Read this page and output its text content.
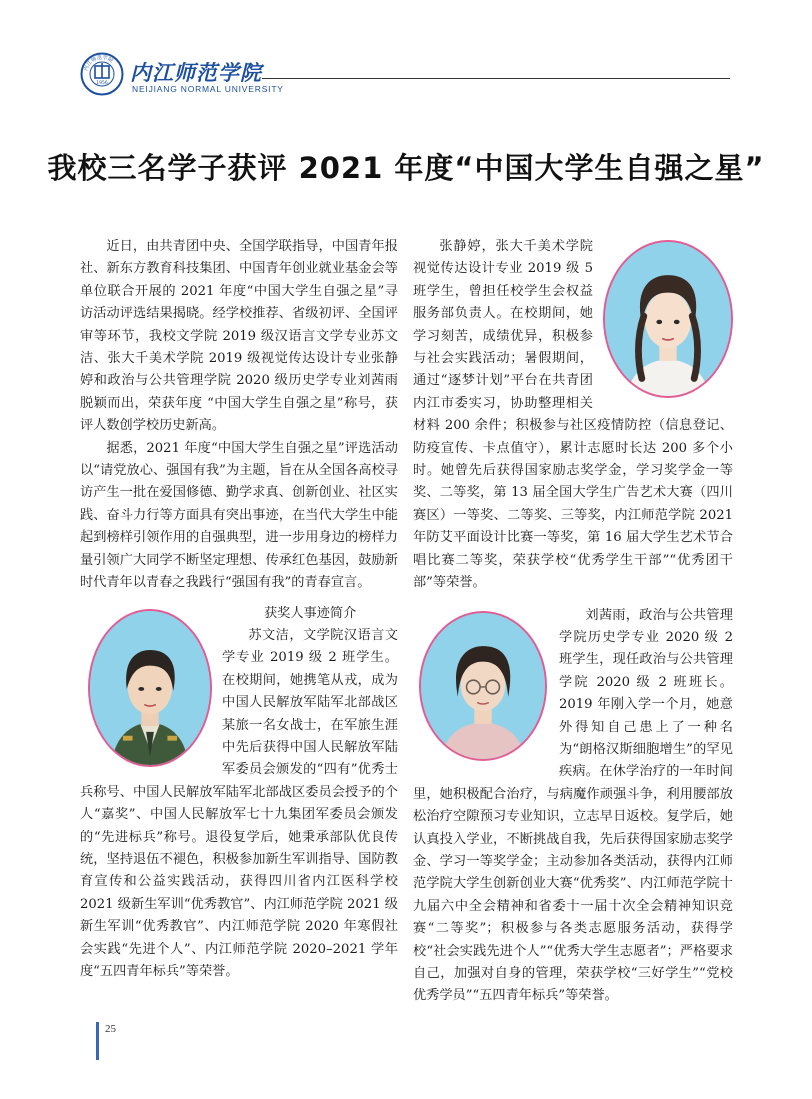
内江师范学院
1956 内江师范学院
NEIJIANG NORMAL UNIVERSITY
我校三名学子获评 2021 年度“中国大学生自强之星”

近日，由共青团中央、全国学联指导，中国青年报社、新东方教育科技集团、中国青年创业就业基金会等单位联合开展的 2021 年度“中国大学生自强之星”寻访活动评选结果揭晓。经学校推荐、省级初评、全国评审等环节，我校文学院 2019 级汉语言文学专业苏文洁、张大千美术学院 2019 级视觉传达设计专业张静婷和政治与公共管理学院 2020 级历史学专业刘茜雨脱颖而出，荣获年度 “中国大学生自强之星”称号，获评人数创学校历史新高。

据悉，2021 年度“中国大学生自强之星”评选活动以“请党放心、强国有我”为主题，旨在从全国各高校寻访产生一批在爱国修德、勤学求真、创新创业、社区实践、奋斗力行等方面具有突出事迹，在当代大学生中能起到榜样引领作用的自强典型，进一步用身边的榜样力量引领广大同学不断坚定理想、传承红色基因，鼓励新时代青年以青春之我践行“强国有我”的青春宣言。

获奖人事迹简介

苏文洁，文学院汉语言文学专业 2019 级 2 班学生。在校期间，她携笔从戎，成为中国人民解放军陆军北部战区某旅一名女战士，在军旅生涯中先后获得中国人民解放军陆军委员会颁发的“四有”优秀士兵称号、中国人民解放军陆军北部战区委员会授予的个人“嘉奖”、中国人民解放军七十九集团军委员会颁发的“先进标兵”称号。退役复学后，她秉承部队优良传统，坚持退伍不褪色，积极参加新生军训指导、国防教育宣传和公益实践活动，获得四川省内江医科学校 2021 级新生军训“优秀教官”、内江师范学院 2021 级新生军训“优秀教官”、内江师范学院 2020 年寒假社会实践“先进个人”、内江师范学院 2020–2021 学年度“五四青年标兵”等荣誉。

张静婷，张大千美术学院视觉传达设计专业 2019 级 5 班学生，曾担任校学生会权益服务部负责人。在校期间，她学习刻苦，成绩优异，积极参与社会实践活动；暑假期间，通过“逐梦计划”平台在共青团内江市委实习，协助整理相关材料 200 余件；积极参与社区疫情防控（信息登记、防疫宣传、卡点值守），累计志愿时长达 200 多个小时。她曾先后获得国家励志奖学金，学习奖学金一等奖、二等奖，第 13 届全国大学生广告艺术大赛（四川赛区）一等奖、二等奖、三等奖，内江师范学院 2021 年防艾平面设计比赛一等奖，第 16 届大学生艺术节合唱比赛二等奖，荣获学校“优秀学生干部”“优秀团干部”等荣誉。

刘茜雨，政治与公共管理学院历史学专业 2020 级 2 班学生，现任政治与公共管理学院 2020 级 2 班班长。2019 年刚入学一个月，她意外得知自己患上了一种名为“朗格汉斯细胞增生”的罕见疾病。在休学治疗的一年时间里，她积极配合治疗，与病魔作顽强斗争，利用腰部放松治疗空隙预习专业知识，立志早日返校。复学后，她认真投入学业，不断挑战自我，先后获得国家励志奖学金、学习一等奖学金；主动参加各类活动，获得内江师范学院大学生创新创业大赛“优秀奖”、内江师范学院十九届六中全会精神和省委十一届十次全会精神知识竞赛“二等奖”；积极参与各类志愿服务活动，获得学校“社会实践先进个人”“优秀大学生志愿者”；严格要求自己，加强对自身的管理，荣获学校“三好学生”“党校优秀学员”“五四青年标兵”等荣誉。

25
